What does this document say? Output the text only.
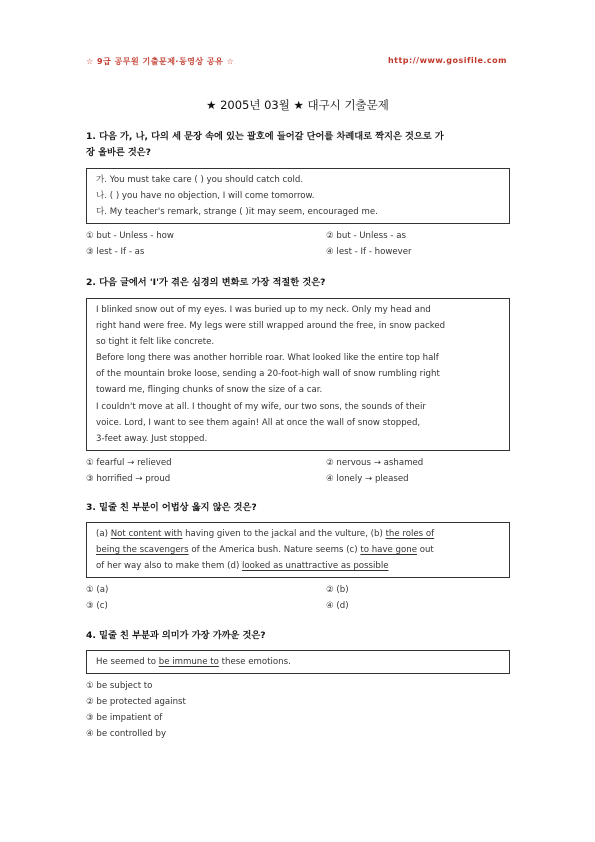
☆ 9급 공무원 기출문제·동영상 공유 ☆	http://www.gosifile.com
★ 2005년 03월 ★ 대구시 기출문제
1. 다음 가, 나, 다의 세 문장 속에 있는 괄호에 들어갈 단어를 차례대로 짝지은 것으로 가
장 올바른 것은?
가. You must take care ( ) you should catch cold.
나. ( ) you have no objection, I will come tomorrow.
다. My teacher's remark, strange ( )it may seem, encouraged me.
① but - Unless - how	② but - Unless - as
③ lest - If - as	④ lest - If - however
2. 다음 글에서 'I'가 겪은 심경의 변화로 가장 적절한 것은?
I blinked snow out of my eyes. I was buried up to my neck. Only my head and
right hand were free. My legs were still wrapped around the free, in snow packed
so tight it felt like concrete.
Before long there was another horrible roar. What looked like the entire top half
of the mountain broke loose, sending a 20-foot-high wall of snow rumbling right
toward me, flinging chunks of snow the size of a car.
I couldn't move at all. I thought of my wife, our two sons, the sounds of their
voice. Lord, I want to see them again! All at once the wall of snow stopped,
3-feet away. Just stopped.
① fearful → relieved	② nervous → ashamed
③ horrified → proud	④ lonely → pleased
3. 밑줄 친 부분이 어법상 옳지 않은 것은?
(a) Not content with having given to the jackal and the vulture, (b) the roles of
being the scavengers of the America bush. Nature seems (c) to have gone out
of her way also to make them (d) looked as unattractive as possible
① (a)	② (b)
③ (c)	④ (d)
4. 밑줄 친 부분과 의미가 가장 가까운 것은?
He seemed to be immune to these emotions.
① be subject to
② be protected against
③ be impatient of
④ be controlled by
